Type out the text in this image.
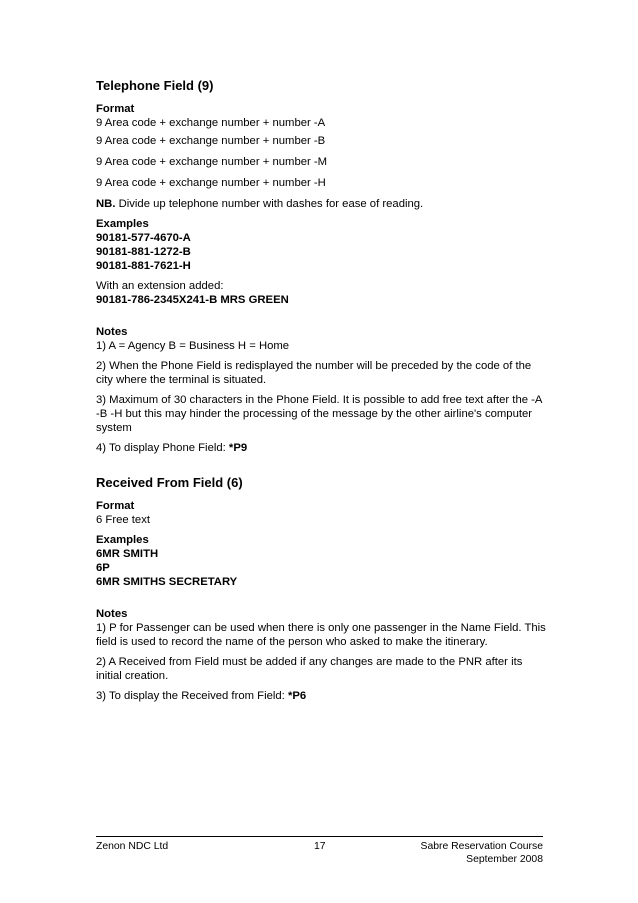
Telephone Field (9)
Format
9 Area code + exchange number + number -A
9 Area code + exchange number + number -B
9 Area code + exchange number + number -M
9 Area code + exchange number + number -H
NB. Divide up telephone number with dashes for ease of reading.
Examples
90181-577-4670-A
90181-881-1272-B
90181-881-7621-H
With an extension added:
90181-786-2345X241-B MRS GREEN
Notes
1) A = Agency B = Business H = Home
2) When the Phone Field is redisplayed the number will be preceded by the code of the city where the terminal is situated.
3) Maximum of 30 characters in the Phone Field. It is possible to add free text after the -A -B -H but this may hinder the processing of the message by the other airline's computer system
4) To display Phone Field: *P9
Received From Field (6)
Format
6 Free text
Examples
6MR SMITH
6P
6MR SMITHS SECRETARY
Notes
1) P for Passenger can be used when there is only one passenger in the Name Field. This field is used to record the name of the person who asked to make the itinerary.
2) A Received from Field must be added if any changes are made to the PNR after its initial creation.
3) To display the Received from Field: *P6
Zenon NDC Ltd	17	Sabre Reservation Course
September 2008
